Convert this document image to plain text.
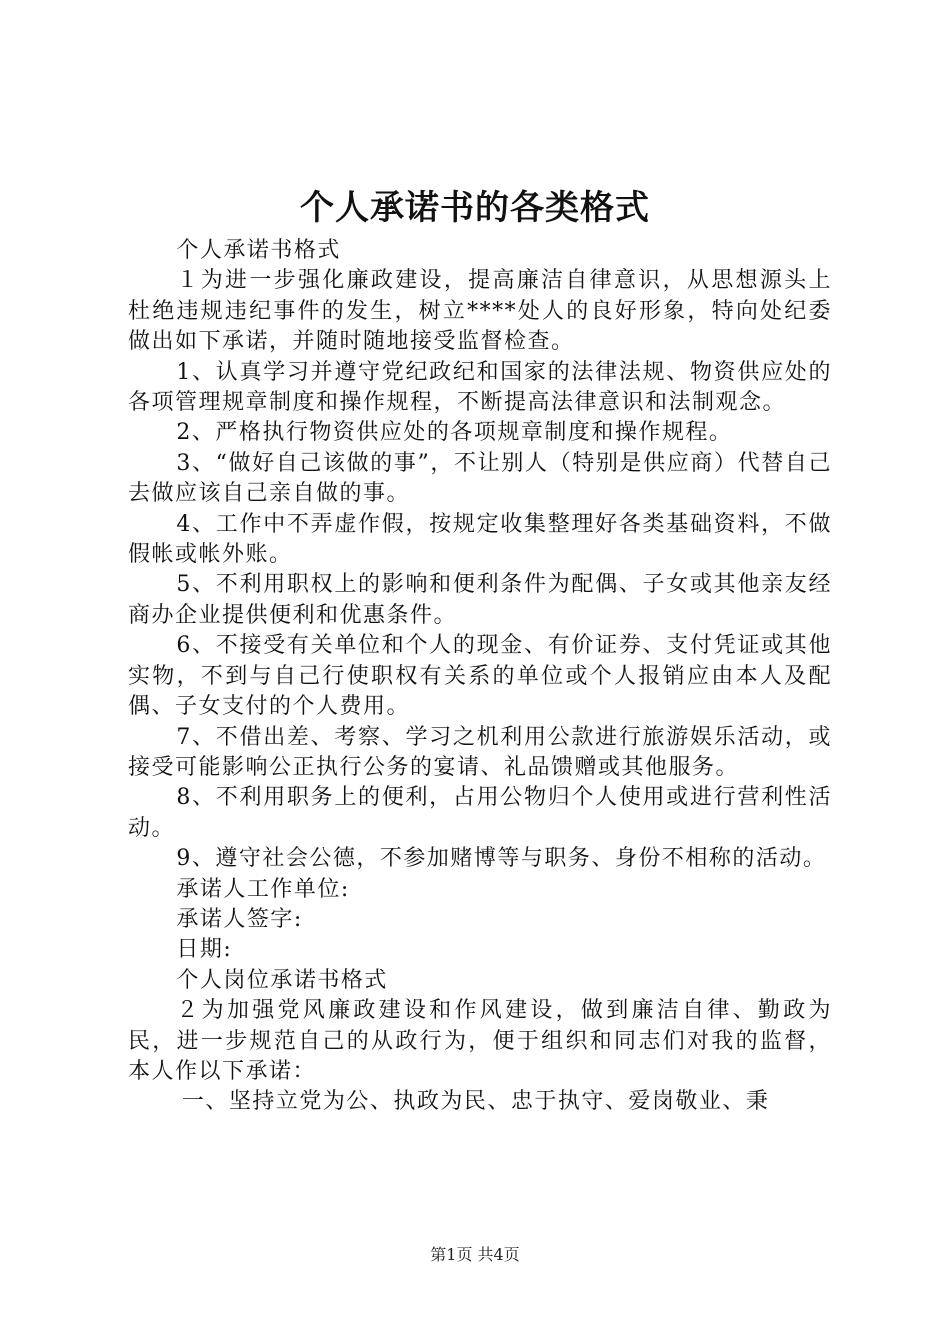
个人承诺书的各类格式

个人承诺书格式

１为进一步强化廉政建设，提高廉洁自律意识，从思想源头上杜绝违规违纪事件的发生，树立****处人的良好形象，特向处纪委做出如下承诺，并随时随地接受监督检查。

1、认真学习并遵守党纪政纪和国家的法律法规、物资供应处的各项管理规章制度和操作规程，不断提高法律意识和法制观念。

2、严格执行物资供应处的各项规章制度和操作规程。

3、“做好自己该做的事”，不让别人（特别是供应商）代替自己去做应该自己亲自做的事。

4、工作中不弄虚作假，按规定收集整理好各类基础资料，不做假帐或帐外账。

5、不利用职权上的影响和便利条件为配偶、子女或其他亲友经商办企业提供便利和优惠条件。

6、不接受有关单位和个人的现金、有价证券、支付凭证或其他实物，不到与自己行使职权有关系的单位或个人报销应由本人及配偶、子女支付的个人费用。

7、不借出差、考察、学习之机利用公款进行旅游娱乐活动，或接受可能影响公正执行公务的宴请、礼品馈赠或其他服务。

8、不利用职务上的便利，占用公物归个人使用或进行营利性活动。

9、遵守社会公德，不参加赌博等与职务、身份不相称的活动。

承诺人工作单位:

承诺人签字:

日期:

个人岗位承诺书格式

２为加强党风廉政建设和作风建设，做到廉洁自律、勤政为民，进一步规范自己的从政行为，便于组织和同志们对我的监督，本人作以下承诺：

一、坚持立党为公、执政为民、忠于执守、爱岗敬业、秉

第1页 共4页
